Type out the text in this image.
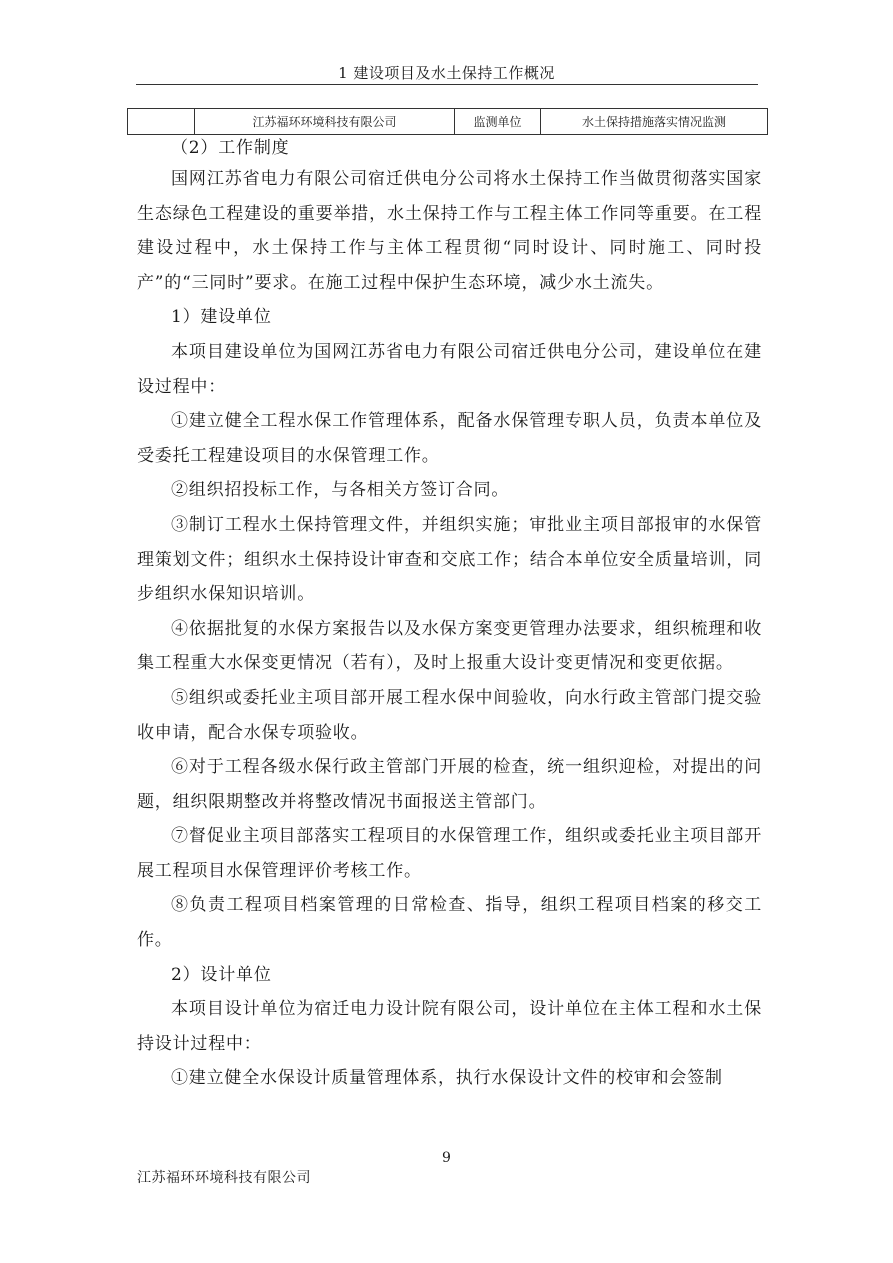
1 建设项目及水土保持工作概况
	江苏福环环境科技有限公司	监测单位	水土保持措施落实情况监测

（2）工作制度

国网江苏省电力有限公司宿迁供电分公司将水土保持工作当做贯彻落实国家生态绿色工程建设的重要举措，水土保持工作与工程主体工作同等重要。在工程建设过程中，水土保持工作与主体工程贯彻“同时设计、同时施工、同时投产”的“三同时”要求。在施工过程中保护生态环境，减少水土流失。

1）建设单位

本项目建设单位为国网江苏省电力有限公司宿迁供电分公司，建设单位在建设过程中：

①建立健全工程水保工作管理体系，配备水保管理专职人员，负责本单位及受委托工程建设项目的水保管理工作。

②组织招投标工作，与各相关方签订合同。

③制订工程水土保持管理文件，并组织实施；审批业主项目部报审的水保管理策划文件；组织水土保持设计审查和交底工作；结合本单位安全质量培训，同步组织水保知识培训。

④依据批复的水保方案报告以及水保方案变更管理办法要求，组织梳理和收集工程重大水保变更情况（若有），及时上报重大设计变更情况和变更依据。

⑤组织或委托业主项目部开展工程水保中间验收，向水行政主管部门提交验收申请，配合水保专项验收。

⑥对于工程各级水保行政主管部门开展的检查，统一组织迎检，对提出的问题，组织限期整改并将整改情况书面报送主管部门。

⑦督促业主项目部落实工程项目的水保管理工作，组织或委托业主项目部开展工程项目水保管理评价考核工作。

⑧负责工程项目档案管理的日常检查、指导，组织工程项目档案的移交工作。

2）设计单位

本项目设计单位为宿迁电力设计院有限公司，设计单位在主体工程和水土保持设计过程中：

①建立健全水保设计质量管理体系，执行水保设计文件的校审和会签制

9
江苏福环环境科技有限公司
